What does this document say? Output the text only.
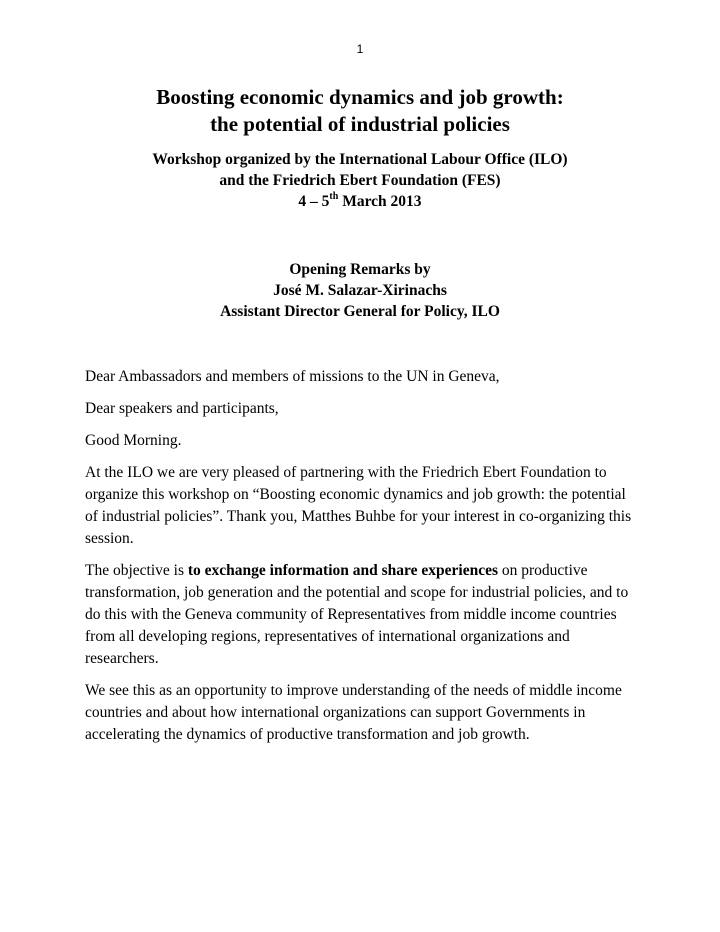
1
Boosting economic dynamics and job growth:
the potential of industrial policies
Workshop organized by the International Labour Office (ILO)
and the Friedrich Ebert Foundation (FES)
4 – 5th March 2013
Opening Remarks by
José M. Salazar-Xirinachs
Assistant Director General for Policy, ILO

Dear Ambassadors and members of missions to the UN in Geneva,

Dear speakers and participants,

Good Morning.

At the ILO we are very pleased of partnering with the Friedrich Ebert Foundation to organize this workshop on “Boosting economic dynamics and job growth: the potential of industrial policies”. Thank you, Matthes Buhbe for your interest in co-organizing this session.

The objective is to exchange information and share experiences on productive transformation, job generation and the potential and scope for industrial policies, and to do this with the Geneva community of Representatives from middle income countries from all developing regions, representatives of international organizations and researchers.

We see this as an opportunity to improve understanding of the needs of middle income countries and about how international organizations can support Governments in accelerating the dynamics of productive transformation and job growth.
